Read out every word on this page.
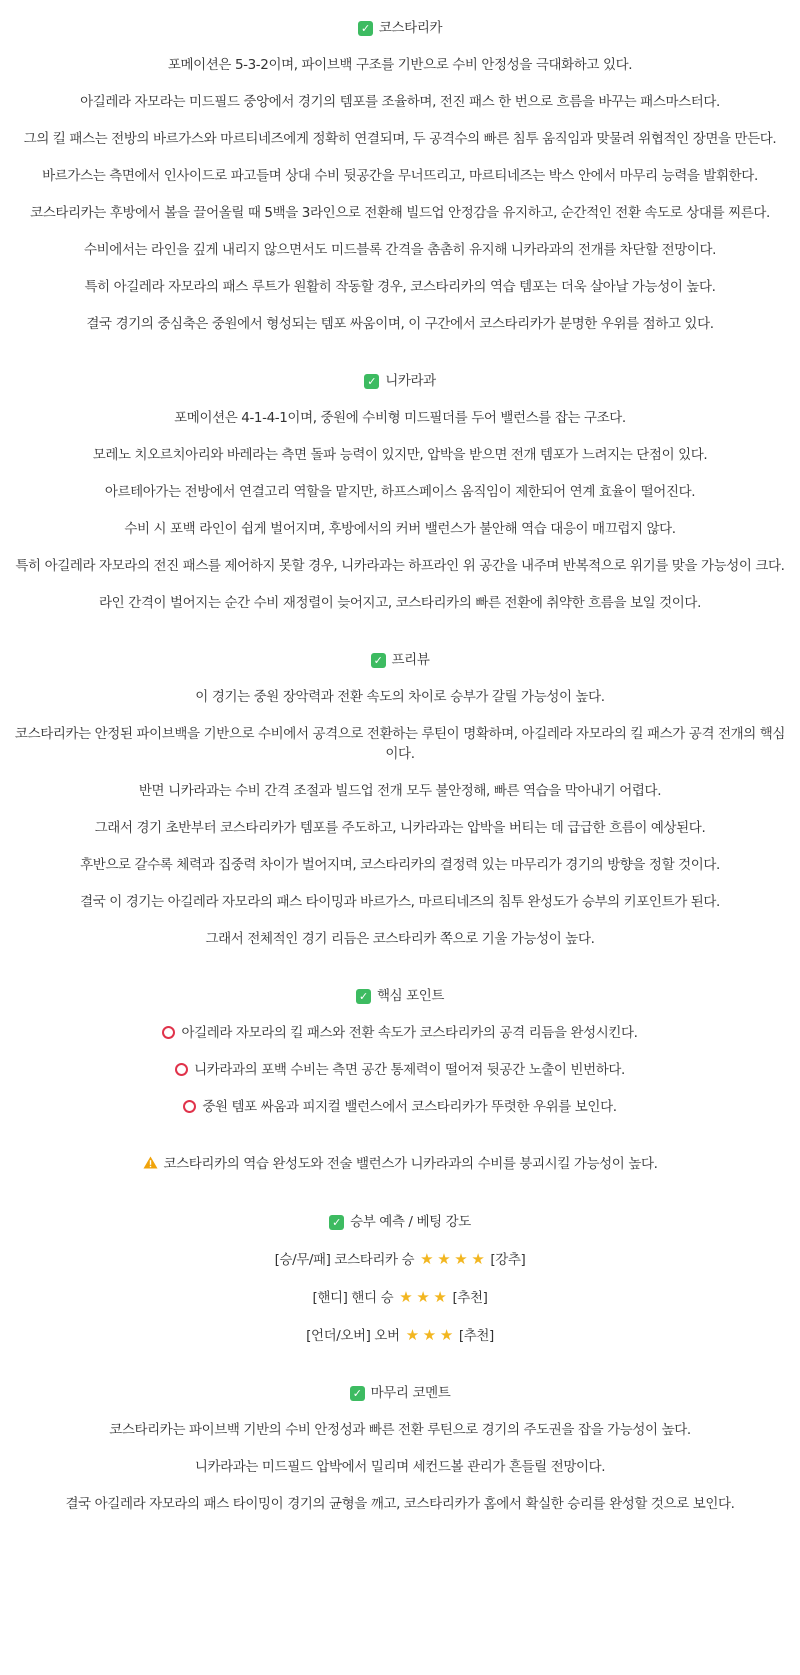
✓ 코스타리카

포메이션은 5-3-2이며, 파이브백 구조를 기반으로 수비 안정성을 극대화하고 있다.

아길레라 자모라는 미드필드 중앙에서 경기의 템포를 조율하며, 전진 패스 한 번으로 흐름을 바꾸는 패스마스터다.

그의 킬 패스는 전방의 바르가스와 마르티네즈에게 정확히 연결되며, 두 공격수의 빠른 침투 움직임과 맞물려 위협적인 장면을 만든다.

바르가스는 측면에서 인사이드로 파고들며 상대 수비 뒷공간을 무너뜨리고, 마르티네즈는 박스 안에서 마무리 능력을 발휘한다.

코스타리카는 후방에서 볼을 끌어올릴 때 5백을 3라인으로 전환해 빌드업 안정감을 유지하고, 순간적인 전환 속도로 상대를 찌른다.

수비에서는 라인을 깊게 내리지 않으면서도 미드블록 간격을 촘촘히 유지해 니카라과의 전개를 차단할 전망이다.

특히 아길레라 자모라의 패스 루트가 원활히 작동할 경우, 코스타리카의 역습 템포는 더욱 살아날 가능성이 높다.

결국 경기의 중심축은 중원에서 형성되는 템포 싸움이며, 이 구간에서 코스타리카가 분명한 우위를 점하고 있다.

✓ 니카라과

포메이션은 4-1-4-1이며, 중원에 수비형 미드필더를 두어 밸런스를 잡는 구조다.

모레노 치오르치아리와 바레라는 측면 돌파 능력이 있지만, 압박을 받으면 전개 템포가 느려지는 단점이 있다.

아르테아가는 전방에서 연결고리 역할을 맡지만, 하프스페이스 움직임이 제한되어 연계 효율이 떨어진다.

수비 시 포백 라인이 쉽게 벌어지며, 후방에서의 커버 밸런스가 불안해 역습 대응이 매끄럽지 않다.

특히 아길레라 자모라의 전진 패스를 제어하지 못할 경우, 니카라과는 하프라인 위 공간을 내주며 반복적으로 위기를 맞을 가능성이 크다.

라인 간격이 벌어지는 순간 수비 재정렬이 늦어지고, 코스타리카의 빠른 전환에 취약한 흐름을 보일 것이다.

✓ 프리뷰

이 경기는 중원 장악력과 전환 속도의 차이로 승부가 갈릴 가능성이 높다.

코스타리카는 안정된 파이브백을 기반으로 수비에서 공격으로 전환하는 루틴이 명확하며, 아길레라 자모라의 킬 패스가 공격 전개의 핵심이다.

반면 니카라과는 수비 간격 조절과 빌드업 전개 모두 불안정해, 빠른 역습을 막아내기 어렵다.

그래서 경기 초반부터 코스타리카가 템포를 주도하고, 니카라과는 압박을 버티는 데 급급한 흐름이 예상된다.

후반으로 갈수록 체력과 집중력 차이가 벌어지며, 코스타리카의 결정력 있는 마무리가 경기의 방향을 정할 것이다.

결국 이 경기는 아길레라 자모라의 패스 타이밍과 바르가스, 마르티네즈의 침투 완성도가 승부의 키포인트가 된다.

그래서 전체적인 경기 리듬은 코스타리카 쪽으로 기울 가능성이 높다.

✓ 핵심 포인트

아길레라 자모라의 킬 패스와 전환 속도가 코스타리카의 공격 리듬을 완성시킨다.

니카라과의 포백 수비는 측면 공간 통제력이 떨어져 뒷공간 노출이 빈번하다.

중원 템포 싸움과 피지컬 밸런스에서 코스타리카가 뚜렷한 우위를 보인다.

코스타리카의 역습 완성도와 전술 밸런스가 니카라과의 수비를 붕괴시킬 가능성이 높다.

✓ 승부 예측 / 베팅 강도
[승/무/패] 코스타리카 승 ★ ★ ★ ★ [강추]
[핸디] 핸디 승 ★ ★ ★ [추천]
[언더/오버] 오버 ★ ★ ★ [추천]
✓ 마무리 코멘트

코스타리카는 파이브백 기반의 수비 안정성과 빠른 전환 루틴으로 경기의 주도권을 잡을 가능성이 높다.

니카라과는 미드필드 압박에서 밀리며 세컨드볼 관리가 흔들릴 전망이다.

결국 아길레라 자모라의 패스 타이밍이 경기의 균형을 깨고, 코스타리카가 홈에서 확실한 승리를 완성할 것으로 보인다.
